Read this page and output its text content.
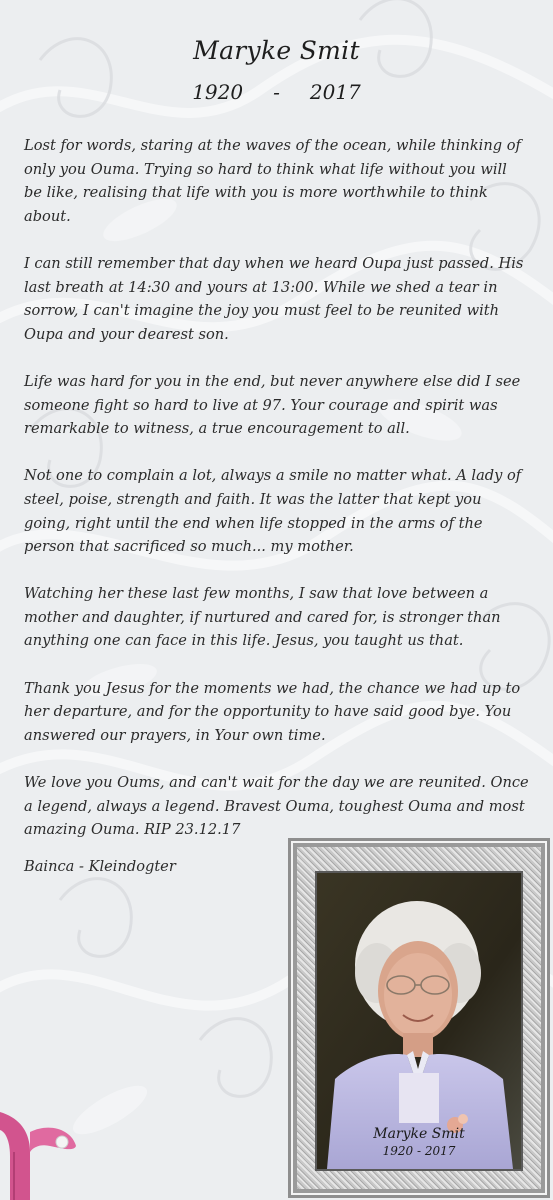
Maryke Smit
1920 - 2017

Lost for words, staring at the waves of the ocean, while thinking of only you Ouma. Trying so hard to think what life without you will be like, realising that life with you is more worthwhile to think about.

I can still remember that day when we heard Oupa just passed. His last breath at 14:30 and yours at 13:00. While we shed a tear in sorrow, I can't imagine the joy you must feel to be reunited with Oupa and your dearest son.

Life was hard for you in the end, but never anywhere else did I see someone fight so hard to live at 97. Your courage and spirit was remarkable to witness, a true encouragement to all.

Not one to complain a lot, always a smile no matter what. A lady of steel, poise, strength and faith. It was the latter that kept you going, right until the end when life stopped in the arms of the person that sacrificed so much... my mother.

Watching her these last few months, I saw that love between a mother and daughter, if nurtured and cared for, is stronger than anything one can face in this life. Jesus, you taught us that.

Thank you Jesus for the moments we had, the chance we had up to her departure, and for the opportunity to have said good bye. You answered our prayers, in Your own time.

We love you Oums, and can't wait for the day we are reunited. Once a legend, always a legend. Bravest Ouma, toughest Ouma and most amazing Ouma. RIP 23.12.17

Bainca - Kleindogter
Maryke Smit
1920 - 2017
